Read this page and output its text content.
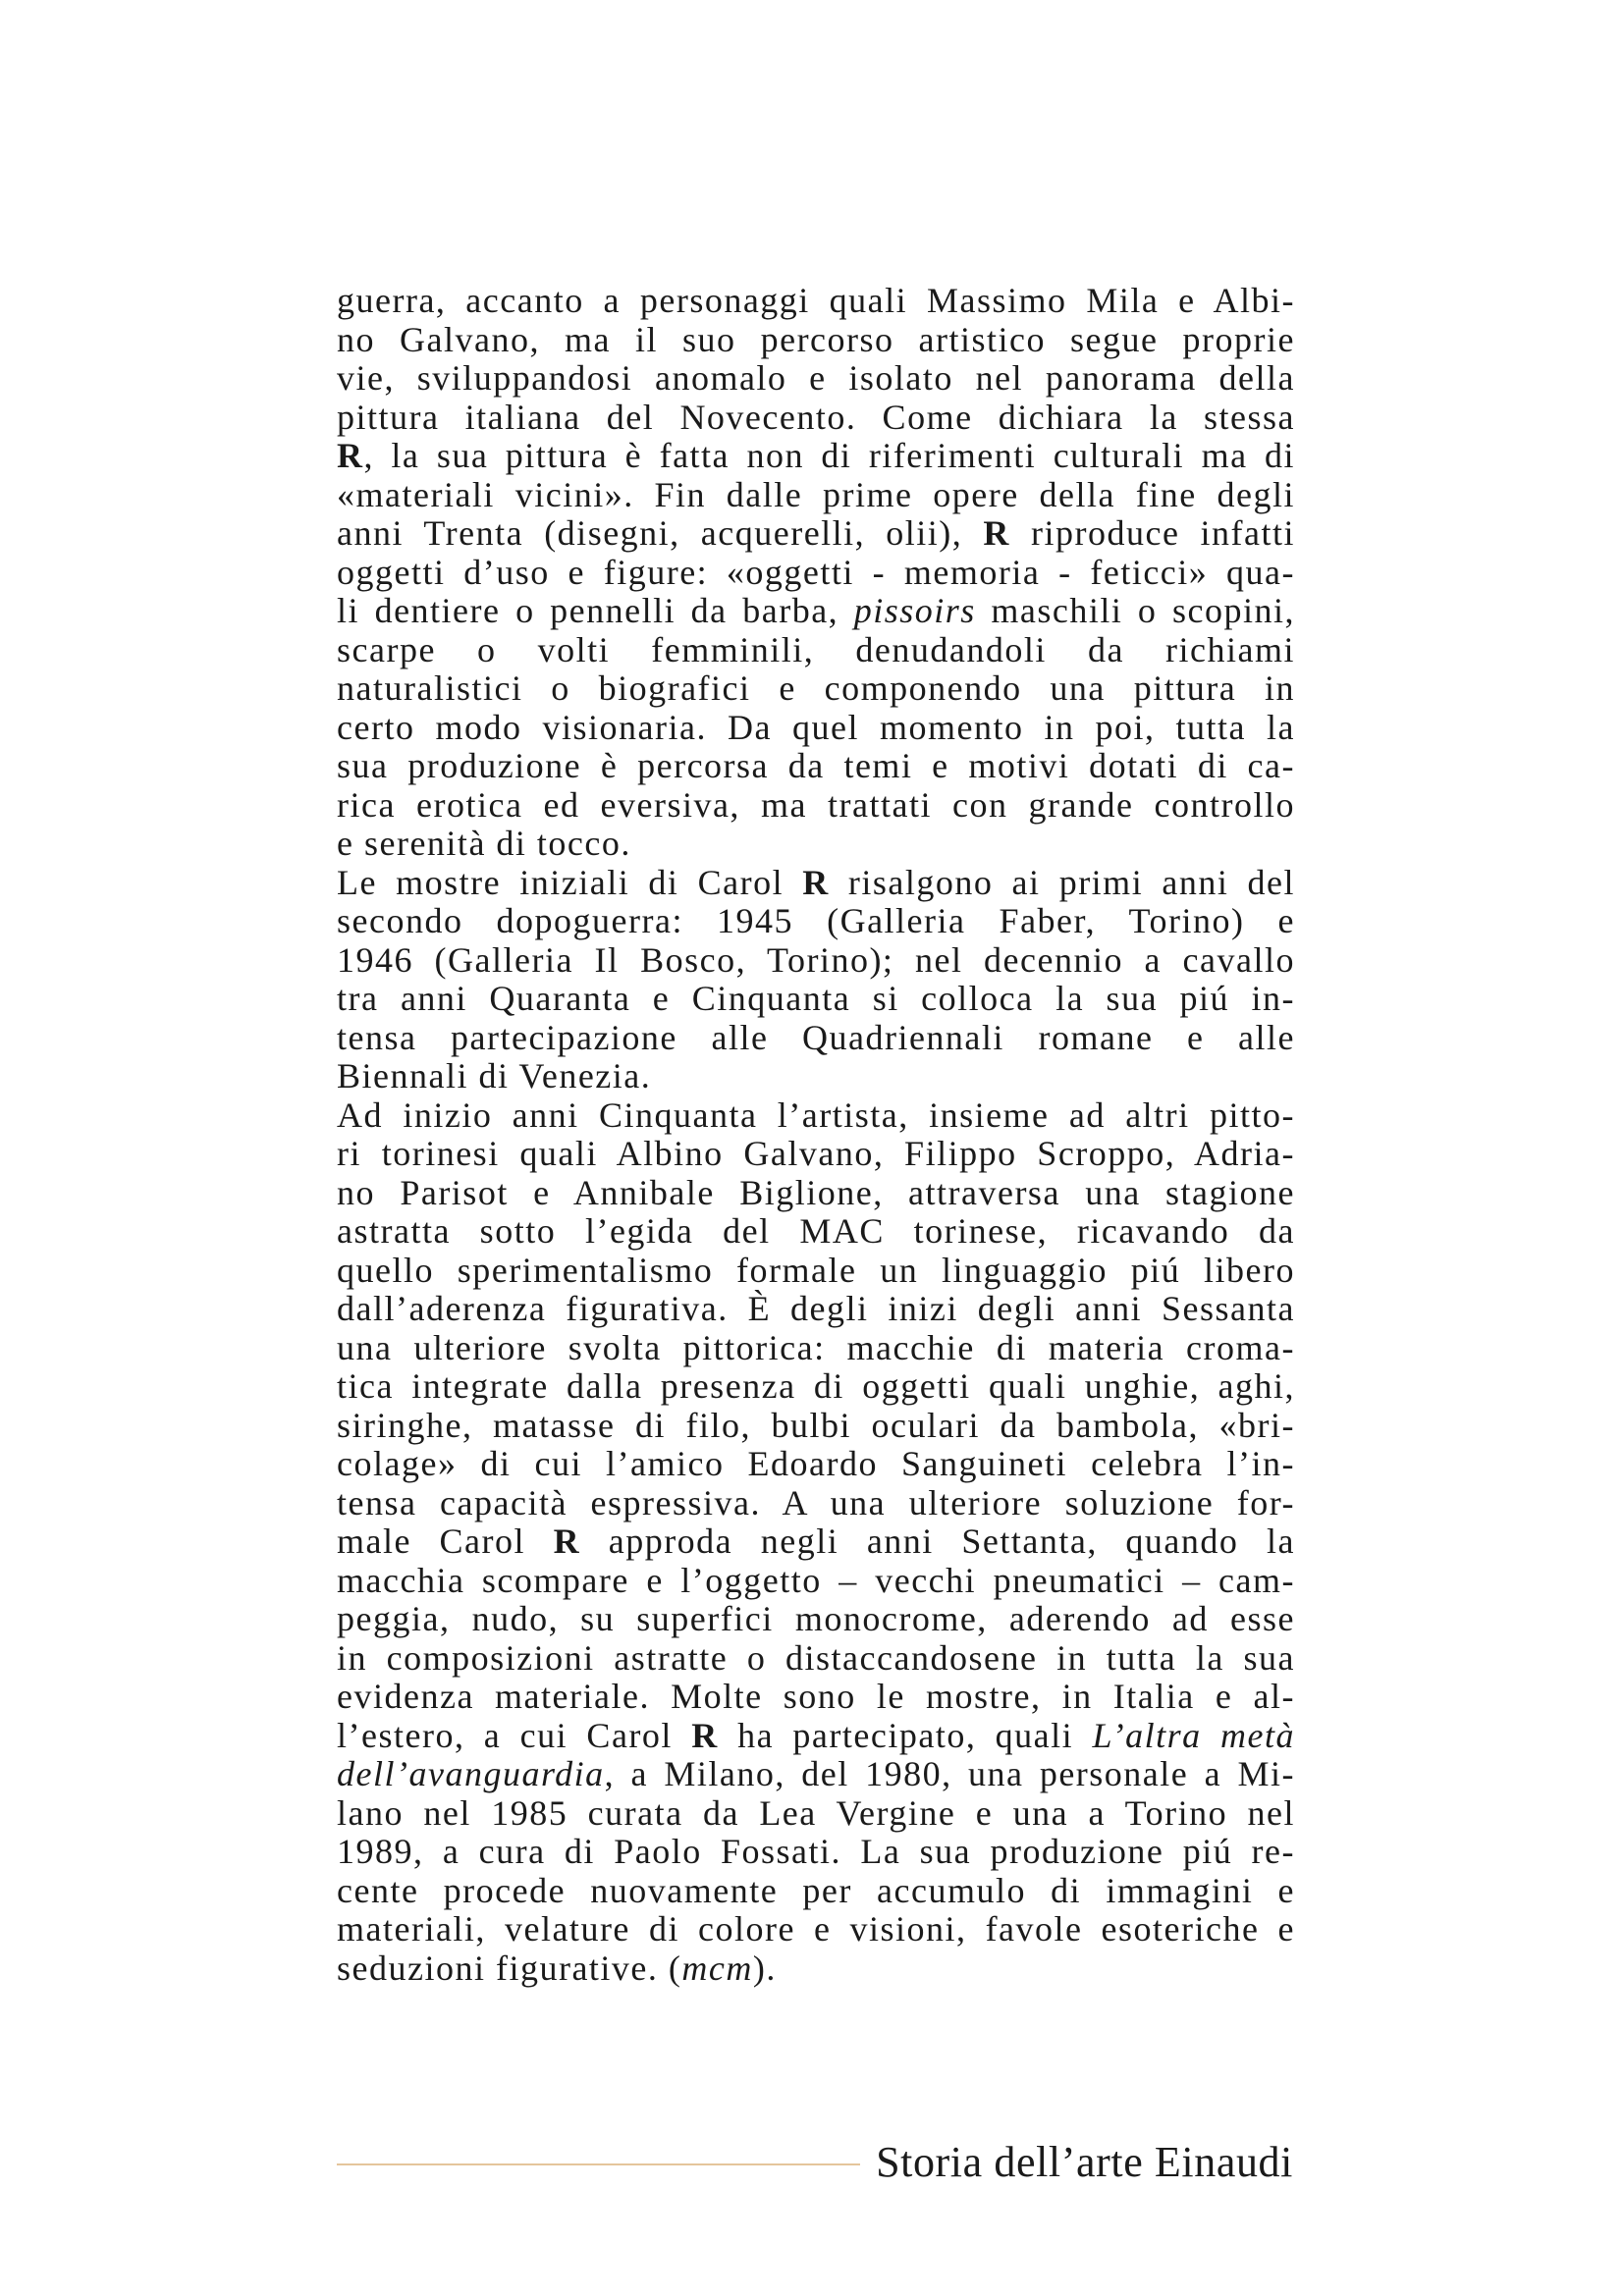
guerra, accanto a personaggi quali Massimo Mila e Albi-
no Galvano, ma il suo percorso artistico segue proprie
vie, sviluppandosi anomalo e isolato nel panorama della
pittura italiana del Novecento. Come dichiara la stessa
R, la sua pittura è fatta non di riferimenti culturali ma di
«materiali vicini». Fin dalle prime opere della fine degli
anni Trenta (disegni, acquerelli, olii), R riproduce infatti
oggetti d’uso e figure: «oggetti - memoria - feticci» qua-
li dentiere o pennelli da barba, pissoirs maschili o scopini,
scarpe o volti femminili, denudandoli da richiami
naturalistici o biografici e componendo una pittura in
certo modo visionaria. Da quel momento in poi, tutta la
sua produzione è percorsa da temi e motivi dotati di ca-
rica erotica ed eversiva, ma trattati con grande controllo
e serenità di tocco.
Le mostre iniziali di Carol R risalgono ai primi anni del
secondo dopoguerra: 1945 (Galleria Faber, Torino) e
1946 (Galleria Il Bosco, Torino); nel decennio a cavallo
tra anni Quaranta e Cinquanta si colloca la sua piú in-
tensa partecipazione alle Quadriennali romane e alle
Biennali di Venezia.
Ad inizio anni Cinquanta l’artista, insieme ad altri pitto-
ri torinesi quali Albino Galvano, Filippo Scroppo, Adria-
no Parisot e Annibale Biglione, attraversa una stagione
astratta sotto l’egida del MAC torinese, ricavando da
quello sperimentalismo formale un linguaggio piú libero
dall’aderenza figurativa. È degli inizi degli anni Sessanta
una ulteriore svolta pittorica: macchie di materia croma-
tica integrate dalla presenza di oggetti quali unghie, aghi,
siringhe, matasse di filo, bulbi oculari da bambola, «bri-
colage» di cui l’amico Edoardo Sanguineti celebra l’in-
tensa capacità espressiva. A una ulteriore soluzione for-
male Carol R approda negli anni Settanta, quando la
macchia scompare e l’oggetto – vecchi pneumatici – cam-
peggia, nudo, su superfici monocrome, aderendo ad esse
in composizioni astratte o distaccandosene in tutta la sua
evidenza materiale. Molte sono le mostre, in Italia e al-
l’estero, a cui Carol R ha partecipato, quali L’altra metà
dell’avanguardia, a Milano, del 1980, una personale a Mi-
lano nel 1985 curata da Lea Vergine e una a Torino nel
1989, a cura di Paolo Fossati. La sua produzione piú re-
cente procede nuovamente per accumulo di immagini e
materiali, velature di colore e visioni, favole esoteriche e
seduzioni figurative. (mcm).
Storia dell’arte Einaudi
